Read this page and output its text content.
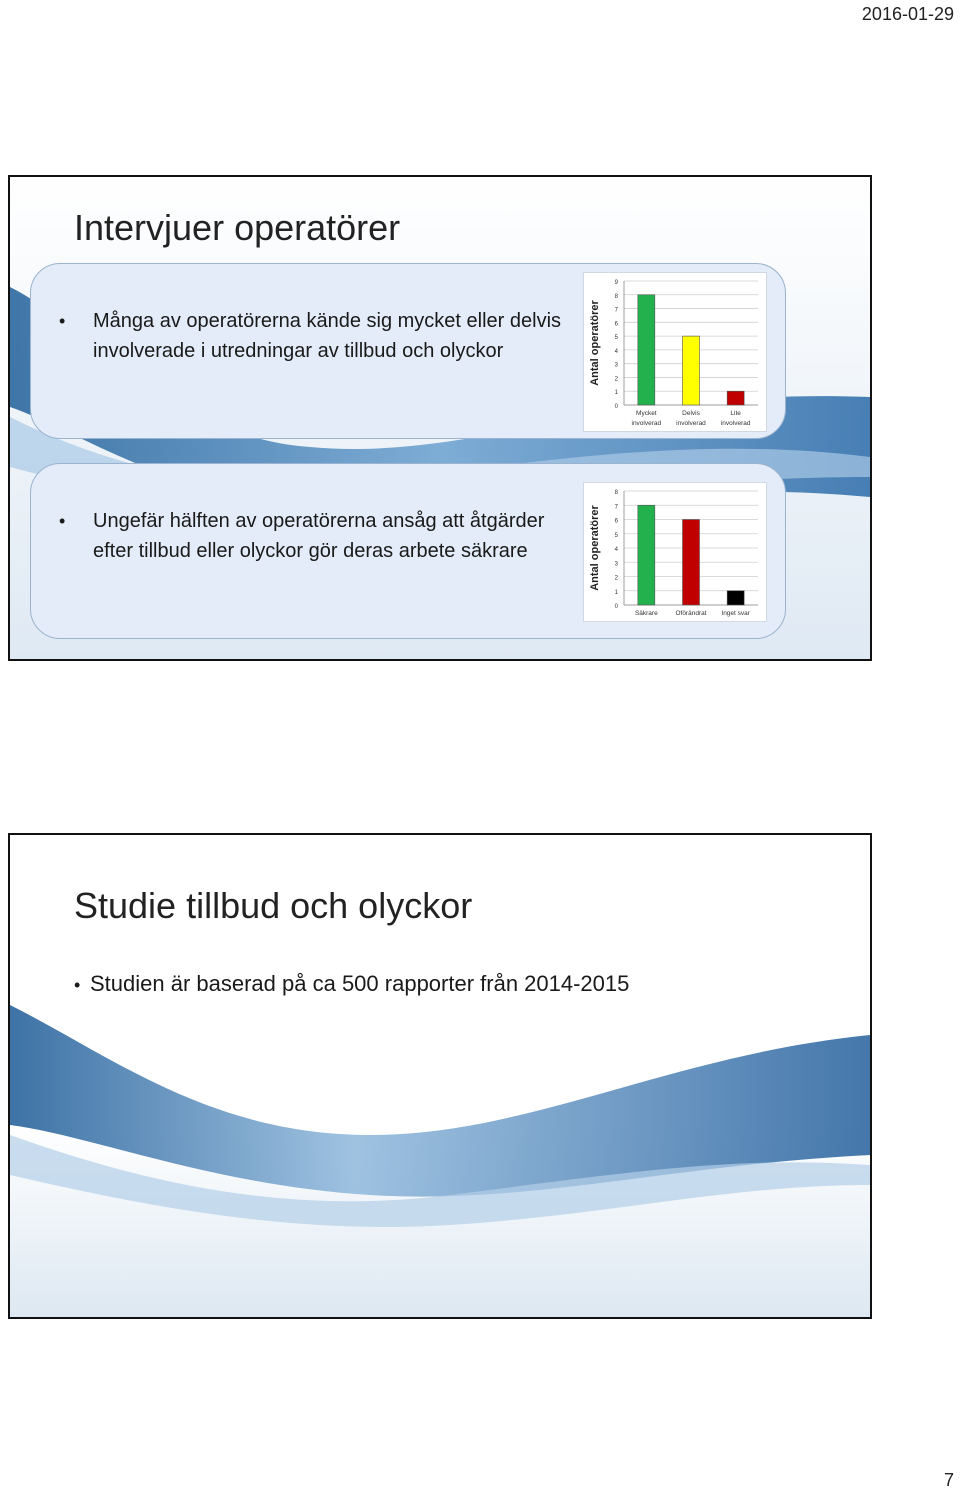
2016-01-29
Intervjuer operatörer
• Många av operatörerna kände sig mycket eller delvis involverade i utredningar av tillbud och olyckor	Antal operatörer
0
1
2
3
4
5
6
7
8
9
Mycket
involverad
Delvis
involverad
Lite
involverad
• Ungefär hälften av operatörerna ansåg att åtgärder efter tillbud eller olyckor gör deras arbete säkrare	Antal operatörer
0
1
2
3
4
5
6
7
8
Säkrare	Oförändrat Inget svar
Studie tillbud och olyckor
• Studien är baserad på ca 500 rapporter från 2014-2015
7
